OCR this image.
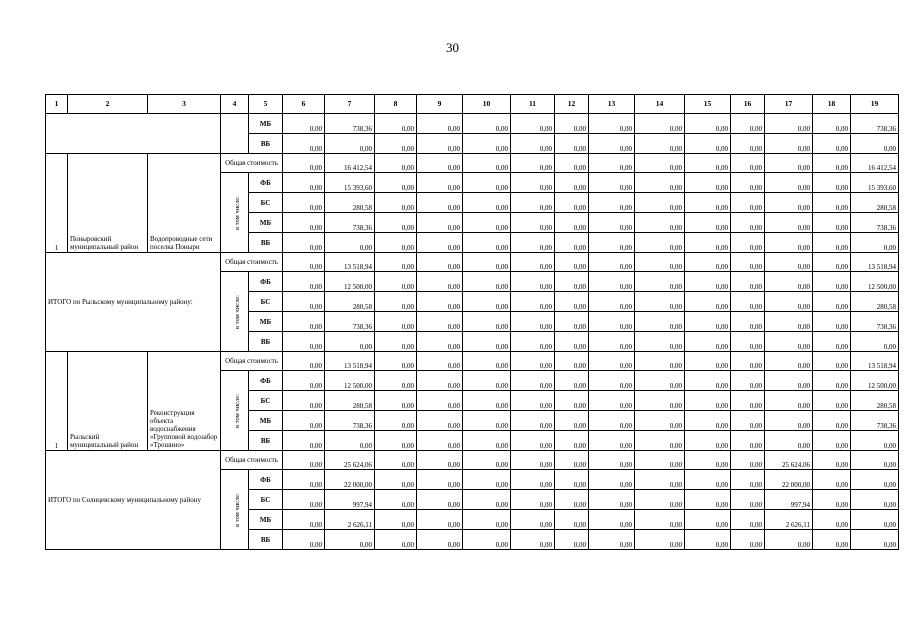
30
1	2	3	4	5	6	7	8	9	10	11	12	13	14	15	16	17	18	19
				МБ	0,00	738,36	0,00	0,00	0,00	0,00	0,00	0,00	0,00	0,00	0,00	0,00	0,00	738,36
				ВБ	0,00	0,00	0,00	0,00	0,00	0,00	0,00	0,00	0,00	0,00	0,00	0,00	0,00	0,00
1	Поныровский муниципальный район	Водопроводные сети поселка Поныри	Общая стоимость		0,00	16 412,54	0,00	0,00	0,00	0,00	0,00	0,00	0,00	0,00	0,00	0,00	0,00	16 412,54
			в том числе:	ФБ	0,00	15 393,60	0,00	0,00	0,00	0,00	0,00	0,00	0,00	0,00	0,00	0,00	0,00	15 393,60
				БС	0,00	280,58	0,00	0,00	0,00	0,00	0,00	0,00	0,00	0,00	0,00	0,00	0,00	280,58
				МБ	0,00	738,36	0,00	0,00	0,00	0,00	0,00	0,00	0,00	0,00	0,00	0,00	0,00	738,36
				ВБ	0,00	0,00	0,00	0,00	0,00	0,00	0,00	0,00	0,00	0,00	0,00	0,00	0,00	0,00
ИТОГО по Рыльскому муниципальному району:			Общая стоимость		0,00	13 518,94	0,00	0,00	0,00	0,00	0,00	0,00	0,00	0,00	0,00	0,00	0,00	13 518,94
			в том числе:	ФБ	0,00	12 500,00	0,00	0,00	0,00	0,00	0,00	0,00	0,00	0,00	0,00	0,00	0,00	12 500,00
				БС	0,00	280,58	0,00	0,00	0,00	0,00	0,00	0,00	0,00	0,00	0,00	0,00	0,00	280,58
				МБ	0,00	738,36	0,00	0,00	0,00	0,00	0,00	0,00	0,00	0,00	0,00	0,00	0,00	738,36
				ВБ	0,00	0,00	0,00	0,00	0,00	0,00	0,00	0,00	0,00	0,00	0,00	0,00	0,00	0,00
1	Рыльский муниципальный район	Реконструкция объекта водоснабжения «Групповой водозабор «Трошино»	Общая стоимость		0,00	13 518,94	0,00	0,00	0,00	0,00	0,00	0,00	0,00	0,00	0,00	0,00	0,00	13 518,94
			в том числе:	ФБ	0,00	12 500,00	0,00	0,00	0,00	0,00	0,00	0,00	0,00	0,00	0,00	0,00	0,00	12 500,00
				БС	0,00	280,58	0,00	0,00	0,00	0,00	0,00	0,00	0,00	0,00	0,00	0,00	0,00	280,58
				МБ	0,00	738,36	0,00	0,00	0,00	0,00	0,00	0,00	0,00	0,00	0,00	0,00	0,00	738,36
				ВБ	0,00	0,00	0,00	0,00	0,00	0,00	0,00	0,00	0,00	0,00	0,00	0,00	0,00	0,00
ИТОГО по Солнцевскому муниципальному району			Общая стоимость		0,00	25 624,06	0,00	0,00	0,00	0,00	0,00	0,00	0,00	0,00	0,00	25 624,06	0,00	0,00
			в том числе:	ФБ	0,00	22 000,00	0,00	0,00	0,00	0,00	0,00	0,00	0,00	0,00	0,00	22 000,00	0,00	0,00
				БС	0,00	997,94	0,00	0,00	0,00	0,00	0,00	0,00	0,00	0,00	0,00	997,94	0,00	0,00
				МБ	0,00	2 626,11	0,00	0,00	0,00	0,00	0,00	0,00	0,00	0,00	0,00	2 626,11	0,00	0,00
				ВБ	0,00	0,00	0,00	0,00	0,00	0,00	0,00	0,00	0,00	0,00	0,00	0,00	0,00	0,00
